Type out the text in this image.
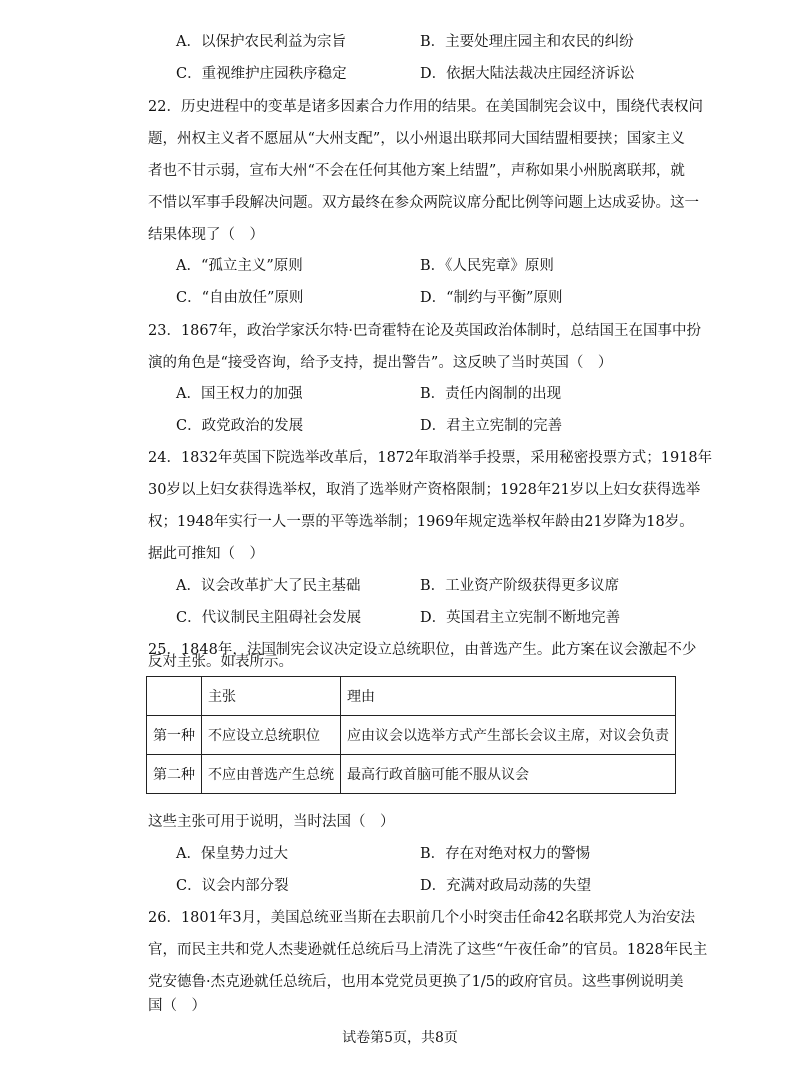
A．以保护农民利益为宗旨	B．主要处理庄园主和农民的纠纷
C．重视维护庄园秩序稳定	D．依据大陆法裁决庄园经济诉讼
22．历史进程中的变革是诸多因素合力作用的结果。在美国制宪会议中，围绕代表权问
题，州权主义者不愿屈从“大州支配”，以小州退出联邦同大国结盟相要挟；国家主义
者也不甘示弱，宣布大州“不会在任何其他方案上结盟”，声称如果小州脱离联邦，就
不惜以军事手段解决问题。双方最终在参众两院议席分配比例等问题上达成妥协。这一
结果体现了（　）
A．“孤立主义”原则	B．《人民宪章》原则
C．“自由放任”原则	D．“制约与平衡”原则
23．1867年，政治学家沃尔特·巴奇霍特在论及英国政治体制时，总结国王在国事中扮
演的角色是“接受咨询，给予支持，提出警告”。这反映了当时英国（　）
A．国王权力的加强	B．责任内阁制的出现
C．政党政治的发展	D．君主立宪制的完善
24．1832年英国下院选举改革后，1872年取消举手投票，采用秘密投票方式；1918年
30岁以上妇女获得选举权，取消了选举财产资格限制；1928年21岁以上妇女获得选举
权；1948年实行一人一票的平等选举制；1969年规定选举权年龄由21岁降为18岁。
据此可推知（　）
A．议会改革扩大了民主基础	B．工业资产阶级获得更多议席
C．代议制民主阻碍社会发展	D．英国君主立宪制不断地完善
25．1848年，法国制宪会议决定设立总统职位，由普选产生。此方案在议会激起不少
反对主张。如表所示。
	主张	理由
第一种	不应设立总统职位	应由议会以选举方式产生部长会议主席，对议会负责
第二种	不应由普选产生总统	最高行政首脑可能不服从议会
这些主张可用于说明，当时法国（　）
A．保皇势力过大	B．存在对绝对权力的警惕
C．议会内部分裂	D．充满对政局动荡的失望
26．1801年3月，美国总统亚当斯在去职前几个小时突击任命42名联邦党人为治安法
官，而民主共和党人杰斐逊就任总统后马上清洗了这些“午夜任命”的官员。1828年民主
党安德鲁·杰克逊就任总统后，也用本党党员更换了1/5的政府官员。这些事例说明美
国（　）
试卷第5页，共8页
